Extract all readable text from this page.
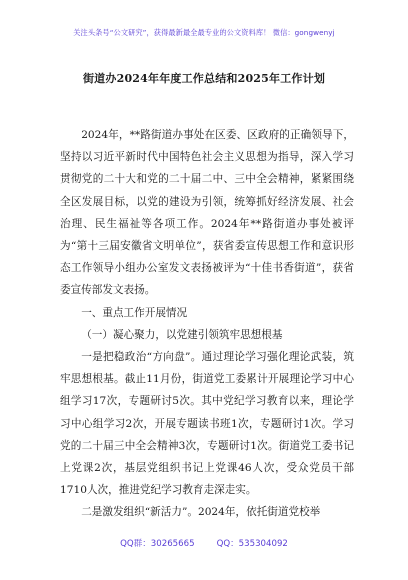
关注头条号“公文研究”，获得最新最全最专业的公文资料库！ 微信：gongwenyj
街道办2024年年度工作总结和2025年工作计划

2024年，**路街道办事处在区委、区政府的正确领导下，坚持以习近平新时代中国特色社会主义思想为指导，深入学习贯彻党的二十大和党的二十届二中、三中全会精神，紧紧围绕全区发展目标，以党的建设为引领，统筹抓好经济发展、社会治理、民生福祉等各项工作。2024年**路街道办事处被评为“第十三届安徽省文明单位”，获省委宣传思想工作和意识形态工作领导小组办公室发文表扬被评为“十佳书香街道”，获省委宣传部发文表扬。

一、重点工作开展情况

（一）凝心聚力，以党建引领筑牢思想根基

一是把稳政治“方向盘”。通过理论学习强化理论武装，筑牢思想根基。截止11月份，街道党工委累计开展理论学习中心组学习17次，专题研讨5次。其中党纪学习教育以来，理论学习中心组学习2次，开展专题读书班1次，专题研讨1次。学习党的二十届三中全会精神3次，专题研讨1次。街道党工委书记上党课2次，基层党组织书记上党课46人次，受众党员干部1710人次，推进党纪学习教育走深走实。

二是激发组织“新活力”。2024年，依托街道党校举

QQ群：30265665	QQ：535304092
